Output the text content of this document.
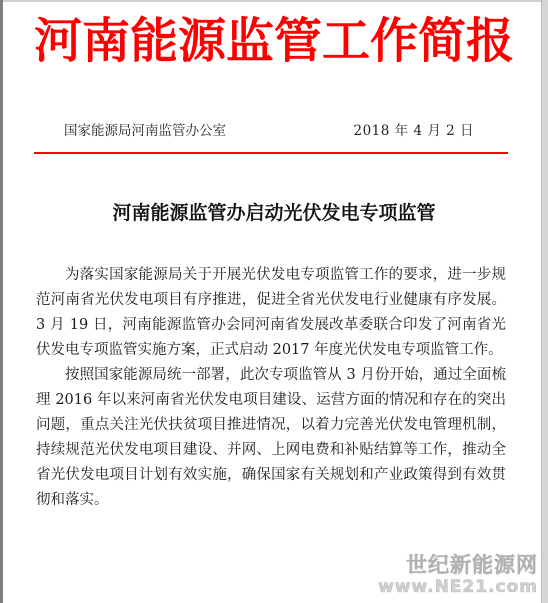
河南能源监管工作简报
国家能源局河南监管办公室	2018 年 4 月 2 日
河南能源监管办启动光伏发电专项监管

为落实国家能源局关于开展光伏发电专项监管工作的要求，进一步规范河南省光伏发电项目有序推进，促进全省光伏发电行业健康有序发展。3 月 19 日，河南能源监管办会同河南省发展改革委联合印发了河南省光伏发电专项监管实施方案，正式启动 2017 年度光伏发电专项监管工作。

按照国家能源局统一部署，此次专项监管从 3 月份开始，通过全面梳理 2016 年以来河南省光伏发电项目建设、运营方面的情况和存在的突出问题，重点关注光伏扶贫项目推进情况，以着力完善光伏发电管理机制，持续规范光伏发电项目建设、并网、上网电费和补贴结算等工作，推动全省光伏发电项目计划有效实施，确保国家有关规划和产业政策得到有效贯彻和落实。

世纪新能源网
www.NE21.com
